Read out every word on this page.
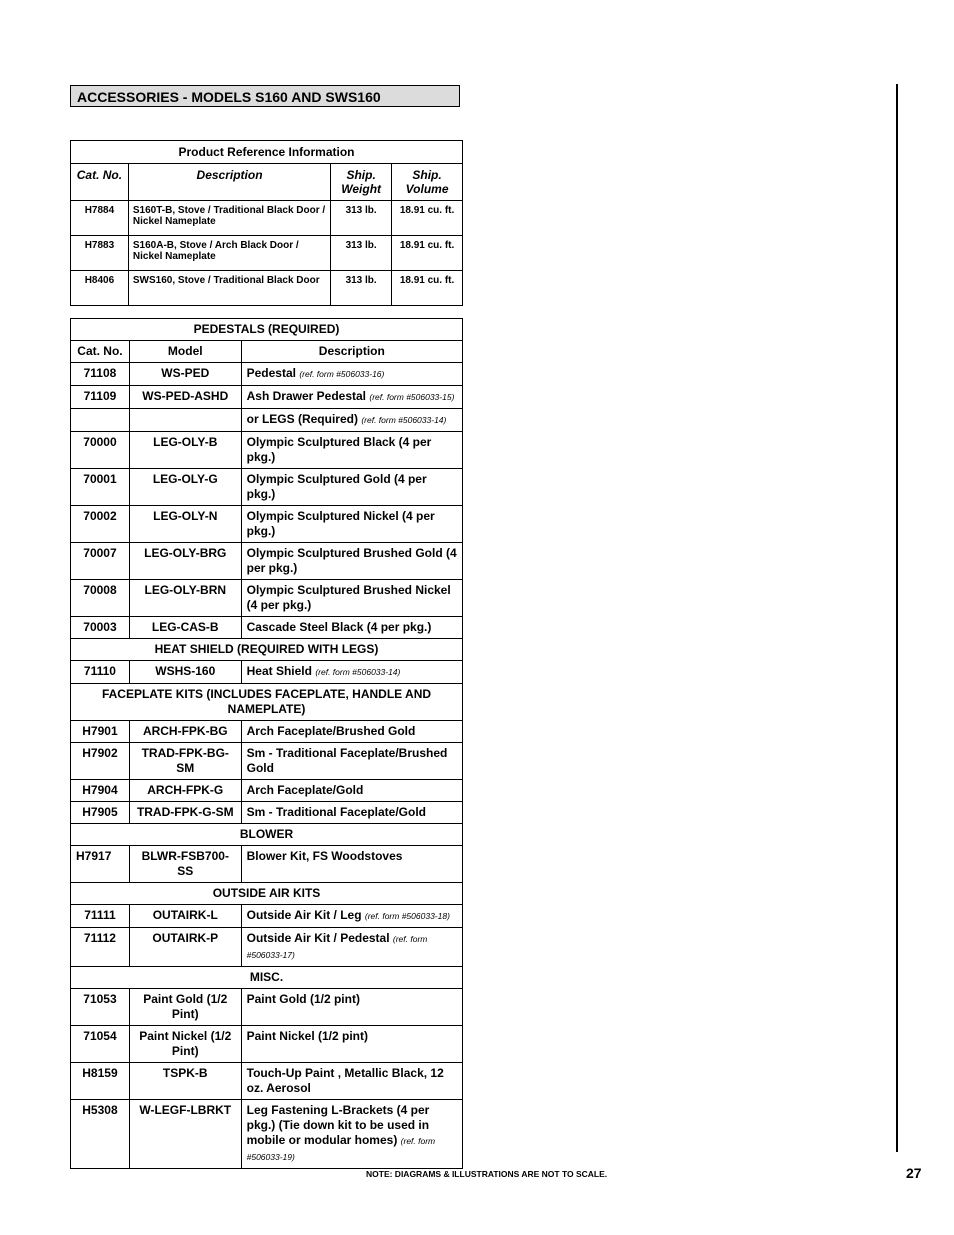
ACCESSORIES - MODELS S160 AND SWS160
Product Reference Information			
Cat. No.	Description	Ship. Weight	Ship. Volume
H7884	S160T-B, Stove / Traditional Black Door / Nickel Nameplate	313 lb.	18.91 cu. ft.
H7883	S160A-B, Stove / Arch Black Door / Nickel Nameplate	313 lb.	18.91 cu. ft.
H8406	SWS160, Stove / Traditional Black Door	313 lb.	18.91 cu. ft.
PEDESTALS (REQUIRED)		
Cat. No.	Model	Description
71108	WS-PED	Pedestal (ref. form #506033-16)
71109	WS-PED-ASHD	Ash Drawer Pedestal (ref. form #506033-15)
		or LEGS (Required) (ref. form #506033-14)
70000	LEG-OLY-B	Olympic Sculptured Black (4 per pkg.)
70001	LEG-OLY-G	Olympic Sculptured Gold (4 per pkg.)
70002	LEG-OLY-N	Olympic Sculptured Nickel (4 per pkg.)
70007	LEG-OLY-BRG	Olympic Sculptured Brushed Gold (4 per pkg.)
70008	LEG-OLY-BRN	Olympic Sculptured Brushed Nickel (4 per pkg.)
70003	LEG-CAS-B	Cascade Steel Black (4 per pkg.)
HEAT SHIELD (REQUIRED WITH LEGS)		
71110	WSHS-160	Heat Shield (ref. form #506033-14)
FACEPLATE KITS (INCLUDES FACEPLATE, HANDLE AND NAMEPLATE)		
H7901	ARCH-FPK-BG	Arch Faceplate/Brushed Gold
H7902	TRAD-FPK-BG-SM	Sm - Traditional Faceplate/Brushed Gold
H7904	ARCH-FPK-G	Arch Faceplate/Gold
H7905	TRAD-FPK-G-SM	Sm - Traditional Faceplate/Gold
BLOWER		
H7917	BLWR-FSB700-SS	Blower Kit, FS Woodstoves
OUTSIDE AIR KITS		
71111	OUTAIRK-L	Outside Air Kit / Leg (ref. form #506033-18)
71112	OUTAIRK-P	Outside Air Kit / Pedestal (ref. form #506033-17)
MISC.		
71053	Paint Gold (1/2 Pint)	Paint Gold (1/2 pint)
71054	Paint Nickel (1/2 Pint)	Paint Nickel (1/2 pint)
H8159	TSPK-B	Touch-Up Paint , Metallic Black, 12 oz. Aerosol
H5308	W-LEGF-LBRKT	Leg Fastening L-Brackets (4 per pkg.) (Tie down kit to be used in mobile or modular homes) (ref. form #506033-19)
NOTE: DIAGRAMS & ILLUSTRATIONS ARE NOT TO SCALE.	27
